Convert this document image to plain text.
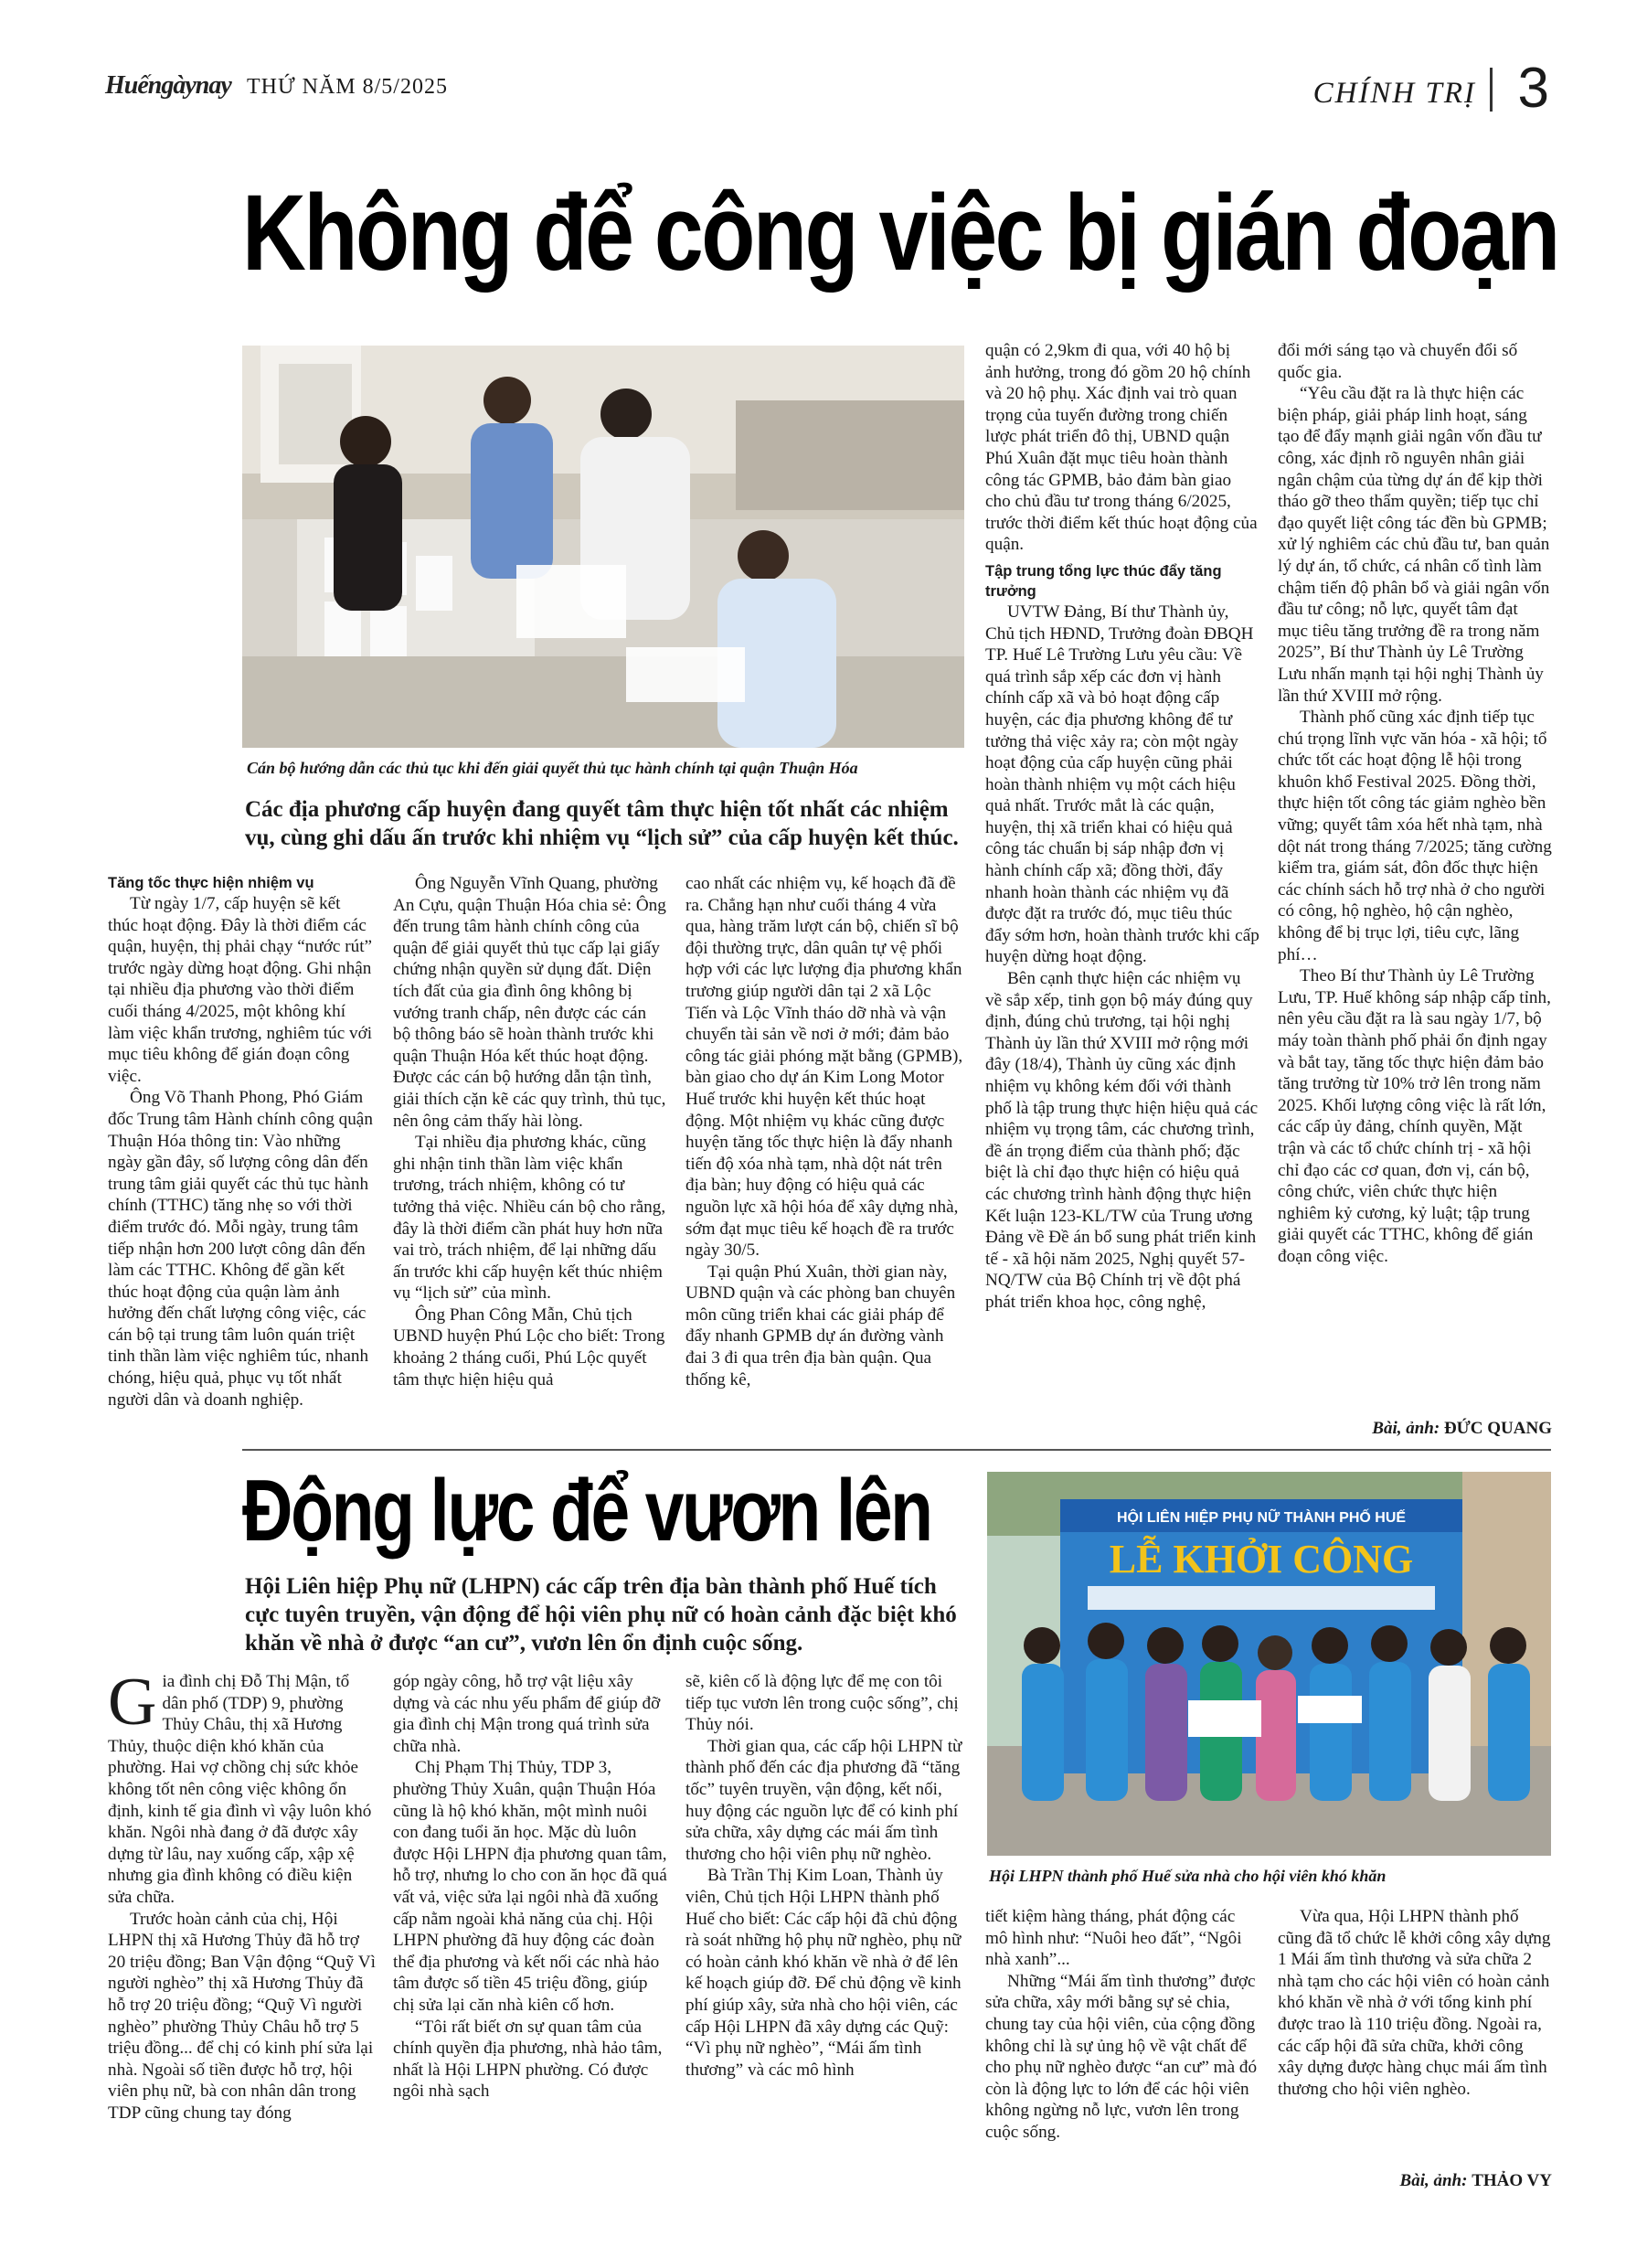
Huếngàynay THỨ NĂM 8/5/2025	CHÍNH TRỊ 3
Không để công việc bị gián đoạn
Cán bộ hướng dẫn các thủ tục khi đến giải quyết thủ tục hành chính tại quận Thuận Hóa
Các địa phương cấp huyện đang quyết tâm thực hiện tốt nhất các nhiệm vụ, cùng ghi dấu ấn trước khi nhiệm vụ “lịch sử” của cấp huyện kết thúc.

Tăng tốc thực hiện nhiệm vụ

Từ ngày 1/7, cấp huyện sẽ kết thúc hoạt động. Đây là thời điểm các quận, huyện, thị phải chạy “nước rút” trước ngày dừng hoạt động. Ghi nhận tại nhiều địa phương vào thời điểm cuối tháng 4/2025, một không khí làm việc khẩn trương, nghiêm túc với mục tiêu không để gián đoạn công việc.

Ông Võ Thanh Phong, Phó Giám đốc Trung tâm Hành chính công quận Thuận Hóa thông tin: Vào những ngày gần đây, số lượng công dân đến trung tâm giải quyết các thủ tục hành chính (TTHC) tăng nhẹ so với thời điểm trước đó. Mỗi ngày, trung tâm tiếp nhận hơn 200 lượt công dân đến làm các TTHC. Không để gần kết thúc hoạt động của quận làm ảnh hưởng đến chất lượng công việc, các cán bộ tại trung tâm luôn quán triệt tinh thần làm việc nghiêm túc, nhanh chóng, hiệu quả, phục vụ tốt nhất người dân và doanh nghiệp.

Ông Nguyễn Vĩnh Quang, phường An Cựu, quận Thuận Hóa chia sẻ: Ông đến trung tâm hành chính công của quận để giải quyết thủ tục cấp lại giấy chứng nhận quyền sử dụng đất. Diện tích đất của gia đình ông không bị vướng tranh chấp, nên được các cán bộ thông báo sẽ hoàn thành trước khi quận Thuận Hóa kết thúc hoạt động. Được các cán bộ hướng dẫn tận tình, giải thích cặn kẽ các quy trình, thủ tục, nên ông cảm thấy hài lòng.

Tại nhiều địa phương khác, cũng ghi nhận tinh thần làm việc khẩn trương, trách nhiệm, không có tư tưởng thả việc. Nhiều cán bộ cho rằng, đây là thời điểm cần phát huy hơn nữa vai trò, trách nhiệm, để lại những dấu ấn trước khi cấp huyện kết thúc nhiệm vụ “lịch sử” của mình.

Ông Phan Công Mẫn, Chủ tịch UBND huyện Phú Lộc cho biết: Trong khoảng 2 tháng cuối, Phú Lộc quyết tâm thực hiện hiệu quả

cao nhất các nhiệm vụ, kế hoạch đã đề ra. Chẳng hạn như cuối tháng 4 vừa qua, hàng trăm lượt cán bộ, chiến sĩ bộ đội thường trực, dân quân tự vệ phối hợp với các lực lượng địa phương khẩn trương giúp người dân tại 2 xã Lộc Tiến và Lộc Vĩnh tháo dỡ nhà và vận chuyển tài sản về nơi ở mới; đảm bảo công tác giải phóng mặt bằng (GPMB), bàn giao cho dự án Kim Long Motor Huế trước khi huyện kết thúc hoạt động. Một nhiệm vụ khác cũng được huyện tăng tốc thực hiện là đẩy nhanh tiến độ xóa nhà tạm, nhà dột nát trên địa bàn; huy động có hiệu quả các nguồn lực xã hội hóa để xây dựng nhà, sớm đạt mục tiêu kế hoạch đề ra trước ngày 30/5.

Tại quận Phú Xuân, thời gian này, UBND quận và các phòng ban chuyên môn cũng triển khai các giải pháp để đẩy nhanh GPMB dự án đường vành đai 3 đi qua trên địa bàn quận. Qua thống kê,

quận có 2,9km đi qua, với 40 hộ bị ảnh hưởng, trong đó gồm 20 hộ chính và 20 hộ phụ. Xác định vai trò quan trọng của tuyến đường trong chiến lược phát triển đô thị, UBND quận Phú Xuân đặt mục tiêu hoàn thành công tác GPMB, bảo đảm bàn giao cho chủ đầu tư trong tháng 6/2025, trước thời điểm kết thúc hoạt động của quận.

Tập trung tổng lực thúc đẩy tăng trưởng

UVTW Đảng, Bí thư Thành ủy, Chủ tịch HĐND, Trưởng đoàn ĐBQH TP. Huế Lê Trường Lưu yêu cầu: Về quá trình sắp xếp các đơn vị hành chính cấp xã và bỏ hoạt động cấp huyện, các địa phương không để tư tưởng thả việc xảy ra; còn một ngày hoạt động của cấp huyện cũng phải hoàn thành nhiệm vụ một cách hiệu quả nhất. Trước mắt là các quận, huyện, thị xã triển khai có hiệu quả công tác chuẩn bị sáp nhập đơn vị hành chính cấp xã; đồng thời, đẩy nhanh hoàn thành các nhiệm vụ đã được đặt ra trước đó, mục tiêu thúc đẩy sớm hơn, hoàn thành trước khi cấp huyện dừng hoạt động.

Bên cạnh thực hiện các nhiệm vụ về sắp xếp, tinh gọn bộ máy đúng quy định, đúng chủ trương, tại hội nghị Thành ủy lần thứ XVIII mở rộng mới đây (18/4), Thành ủy cũng xác định nhiệm vụ không kém đối với thành phố là tập trung thực hiện hiệu quả các nhiệm vụ trọng tâm, các chương trình, đề án trọng điểm của thành phố; đặc biệt là chỉ đạo thực hiện có hiệu quả các chương trình hành động thực hiện Kết luận 123-KL/TW của Trung ương Đảng về Đề án bổ sung phát triển kinh tế - xã hội năm 2025, Nghị quyết 57-NQ/TW của Bộ Chính trị về đột phá phát triển khoa học, công nghệ,

đổi mới sáng tạo và chuyển đổi số quốc gia.

“Yêu cầu đặt ra là thực hiện các biện pháp, giải pháp linh hoạt, sáng tạo để đẩy mạnh giải ngân vốn đầu tư công, xác định rõ nguyên nhân giải ngân chậm của từng dự án để kịp thời tháo gỡ theo thẩm quyền; tiếp tục chỉ đạo quyết liệt công tác đền bù GPMB; xử lý nghiêm các chủ đầu tư, ban quản lý dự án, tổ chức, cá nhân cố tình làm chậm tiến độ phân bổ và giải ngân vốn đầu tư công; nỗ lực, quyết tâm đạt mục tiêu tăng trưởng đề ra trong năm 2025”, Bí thư Thành ủy Lê Trường Lưu nhấn mạnh tại hội nghị Thành ủy lần thứ XVIII mở rộng.

Thành phố cũng xác định tiếp tục chú trọng lĩnh vực văn hóa - xã hội; tổ chức tốt các hoạt động lễ hội trong khuôn khổ Festival 2025. Đồng thời, thực hiện tốt công tác giảm nghèo bền vững; quyết tâm xóa hết nhà tạm, nhà dột nát trong tháng 7/2025; tăng cường kiểm tra, giám sát, đôn đốc thực hiện các chính sách hỗ trợ nhà ở cho người có công, hộ nghèo, hộ cận nghèo, không để bị trục lợi, tiêu cực, lãng phí…

Theo Bí thư Thành ủy Lê Trường Lưu, TP. Huế không sáp nhập cấp tỉnh, nên yêu cầu đặt ra là sau ngày 1/7, bộ máy toàn thành phố phải ổn định ngay và bắt tay, tăng tốc thực hiện đảm bảo tăng trưởng từ 10% trở lên trong năm 2025. Khối lượng công việc là rất lớn, các cấp ủy đảng, chính quyền, Mặt trận và các tổ chức chính trị - xã hội chỉ đạo các cơ quan, đơn vị, cán bộ, công chức, viên chức thực hiện nghiêm kỷ cương, kỷ luật; tập trung giải quyết các TTHC, không để gián đoạn công việc.

Bài, ảnh: ĐỨC QUANG
Động lực để vươn lên	HỘI LIÊN HIỆP PHỤ NỮ THÀNH PHỐ HUẾ
LỄ KHỞI CÔNG
Hội LHPN thành phố Huế sửa nhà cho hội viên khó khăn
Hội Liên hiệp Phụ nữ (LHPN) các cấp trên địa bàn thành phố Huế tích cực tuyên truyền, vận động để hội viên phụ nữ có hoàn cảnh đặc biệt khó khăn về nhà ở được “an cư”, vươn lên ổn định cuộc sống.

Gia đình chị Đỗ Thị Mận, tổ dân phố (TDP) 9, phường Thủy Châu, thị xã Hương Thủy, thuộc diện khó khăn của phường. Hai vợ chồng chị sức khỏe không tốt nên công việc không ổn định, kinh tế gia đình vì vậy luôn khó khăn. Ngôi nhà đang ở đã được xây dựng từ lâu, nay xuống cấp, xập xệ nhưng gia đình không có điều kiện sửa chữa.

Trước hoàn cảnh của chị, Hội LHPN thị xã Hương Thủy đã hỗ trợ 20 triệu đồng; Ban Vận động “Quỹ Vì người nghèo” thị xã Hương Thủy đã hỗ trợ 20 triệu đồng; “Quỹ Vì người nghèo” phường Thủy Châu hỗ trợ 5 triệu đồng... để chị có kinh phí sửa lại nhà. Ngoài số tiền được hỗ trợ, hội viên phụ nữ, bà con nhân dân trong TDP cũng chung tay đóng

góp ngày công, hỗ trợ vật liệu xây dựng và các nhu yếu phẩm để giúp đỡ gia đình chị Mận trong quá trình sửa chữa nhà.

Chị Phạm Thị Thủy, TDP 3, phường Thủy Xuân, quận Thuận Hóa cũng là hộ khó khăn, một mình nuôi con đang tuổi ăn học. Mặc dù luôn được Hội LHPN địa phương quan tâm, hỗ trợ, nhưng lo cho con ăn học đã quá vất vả, việc sửa lại ngôi nhà đã xuống cấp nằm ngoài khả năng của chị. Hội LHPN phường đã huy động các đoàn thể địa phương và kết nối các nhà hảo tâm được số tiền 45 triệu đồng, giúp chị sửa lại căn nhà kiên cố hơn.

“Tôi rất biết ơn sự quan tâm của chính quyền địa phương, nhà hảo tâm, nhất là Hội LHPN phường. Có được ngôi nhà sạch

sẽ, kiên cố là động lực để mẹ con tôi tiếp tục vươn lên trong cuộc sống”, chị Thủy nói.

Thời gian qua, các cấp hội LHPN từ thành phố đến các địa phương đã “tăng tốc” tuyên truyền, vận động, kết nối, huy động các nguồn lực để có kinh phí sửa chữa, xây dựng các mái ấm tình thương cho hội viên phụ nữ nghèo.

Bà Trần Thị Kim Loan, Thành ủy viên, Chủ tịch Hội LHPN thành phố Huế cho biết: Các cấp hội đã chủ động rà soát những hộ phụ nữ nghèo, phụ nữ có hoàn cảnh khó khăn về nhà ở để lên kế hoạch giúp đỡ. Để chủ động về kinh phí giúp xây, sửa nhà cho hội viên, các cấp Hội LHPN đã xây dựng các Quỹ: “Vì phụ nữ nghèo”, “Mái ấm tình thương” và các mô hình

tiết kiệm hàng tháng, phát động các mô hình như: “Nuôi heo đất”, “Ngôi nhà xanh”...

Những “Mái ấm tình thương” được sửa chữa, xây mới bằng sự sẻ chia, chung tay của hội viên, của cộng đồng không chỉ là sự ủng hộ về vật chất để cho phụ nữ nghèo được “an cư” mà đó còn là động lực to lớn để các hội viên không ngừng nỗ lực, vươn lên trong cuộc sống.

Vừa qua, Hội LHPN thành phố cũng đã tổ chức lễ khởi công xây dựng 1 Mái ấm tình thương và sửa chữa 2 nhà tạm cho các hội viên có hoàn cảnh khó khăn về nhà ở với tổng kinh phí được trao là 110 triệu đồng. Ngoài ra, các cấp hội đã sửa chữa, khởi công xây dựng được hàng chục mái ấm tình thương cho hội viên nghèo.

Bài, ảnh: THẢO VY
